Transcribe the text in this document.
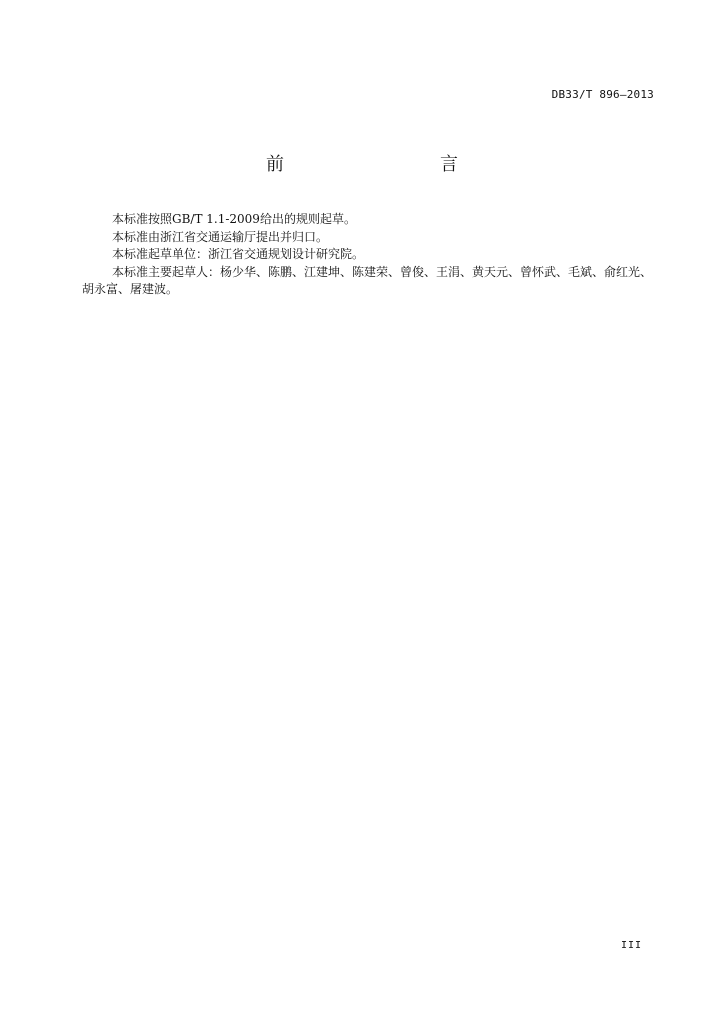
DB33/T 896—2013
前　　言

本标准按照GB/T 1.1-2009给出的规则起草。

本标准由浙江省交通运输厅提出并归口。

本标准起草单位：浙江省交通规划设计研究院。

本标准主要起草人：杨少华、陈鹏、江建坤、陈建荣、曾俊、王涓、黄天元、曾怀武、毛斌、俞红光、胡永富、屠建波。

III
